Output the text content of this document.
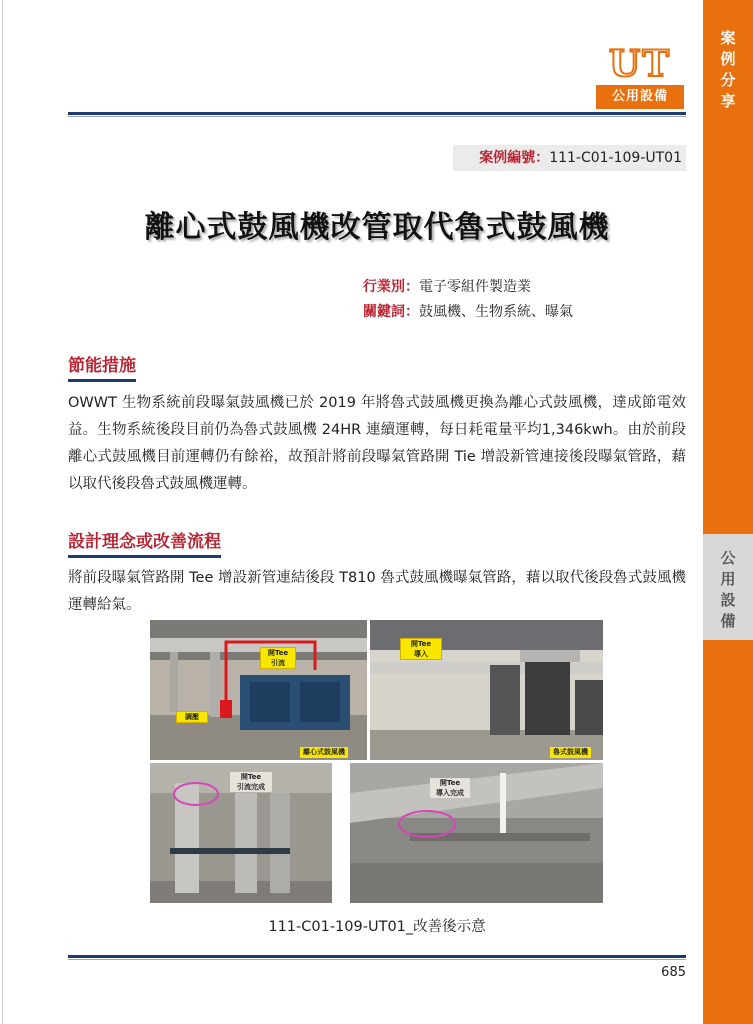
案
例
分
享
公
用
設
備
UT
公用設備
案例編號：111-C01-109-UT01
離心式鼓風機改管取代魯式鼓風機
行業別：電子零組件製造業
關鍵詞：鼓風機、生物系統、曝氣
節能措施

OWWT 生物系統前段曝氣鼓風機已於 2019 年將魯式鼓風機更換為離心式鼓風機，達成節電效益。生物系統後段目前仍為魯式鼓風機 24HR 連續運轉，每日耗電量平均1,346kwh。由於前段離心式鼓風機目前運轉仍有餘裕，故預計將前段曝氣管路開 Tie 增設新管連接後段曝氣管路，藉以取代後段魯式鼓風機運轉。

設計理念或改善流程

將前段曝氣管路開 Tee 增設新管連結後段 T810 魯式鼓風機曝氣管路，藉以取代後段魯式鼓風機運轉給氣。

開Tee
引流
調壓
離心式鼓風機
開Tee
導入
魯式鼓風機
開Tee
引流完成	開Tee
導入完成
111-C01-109-UT01_改善後示意
685
